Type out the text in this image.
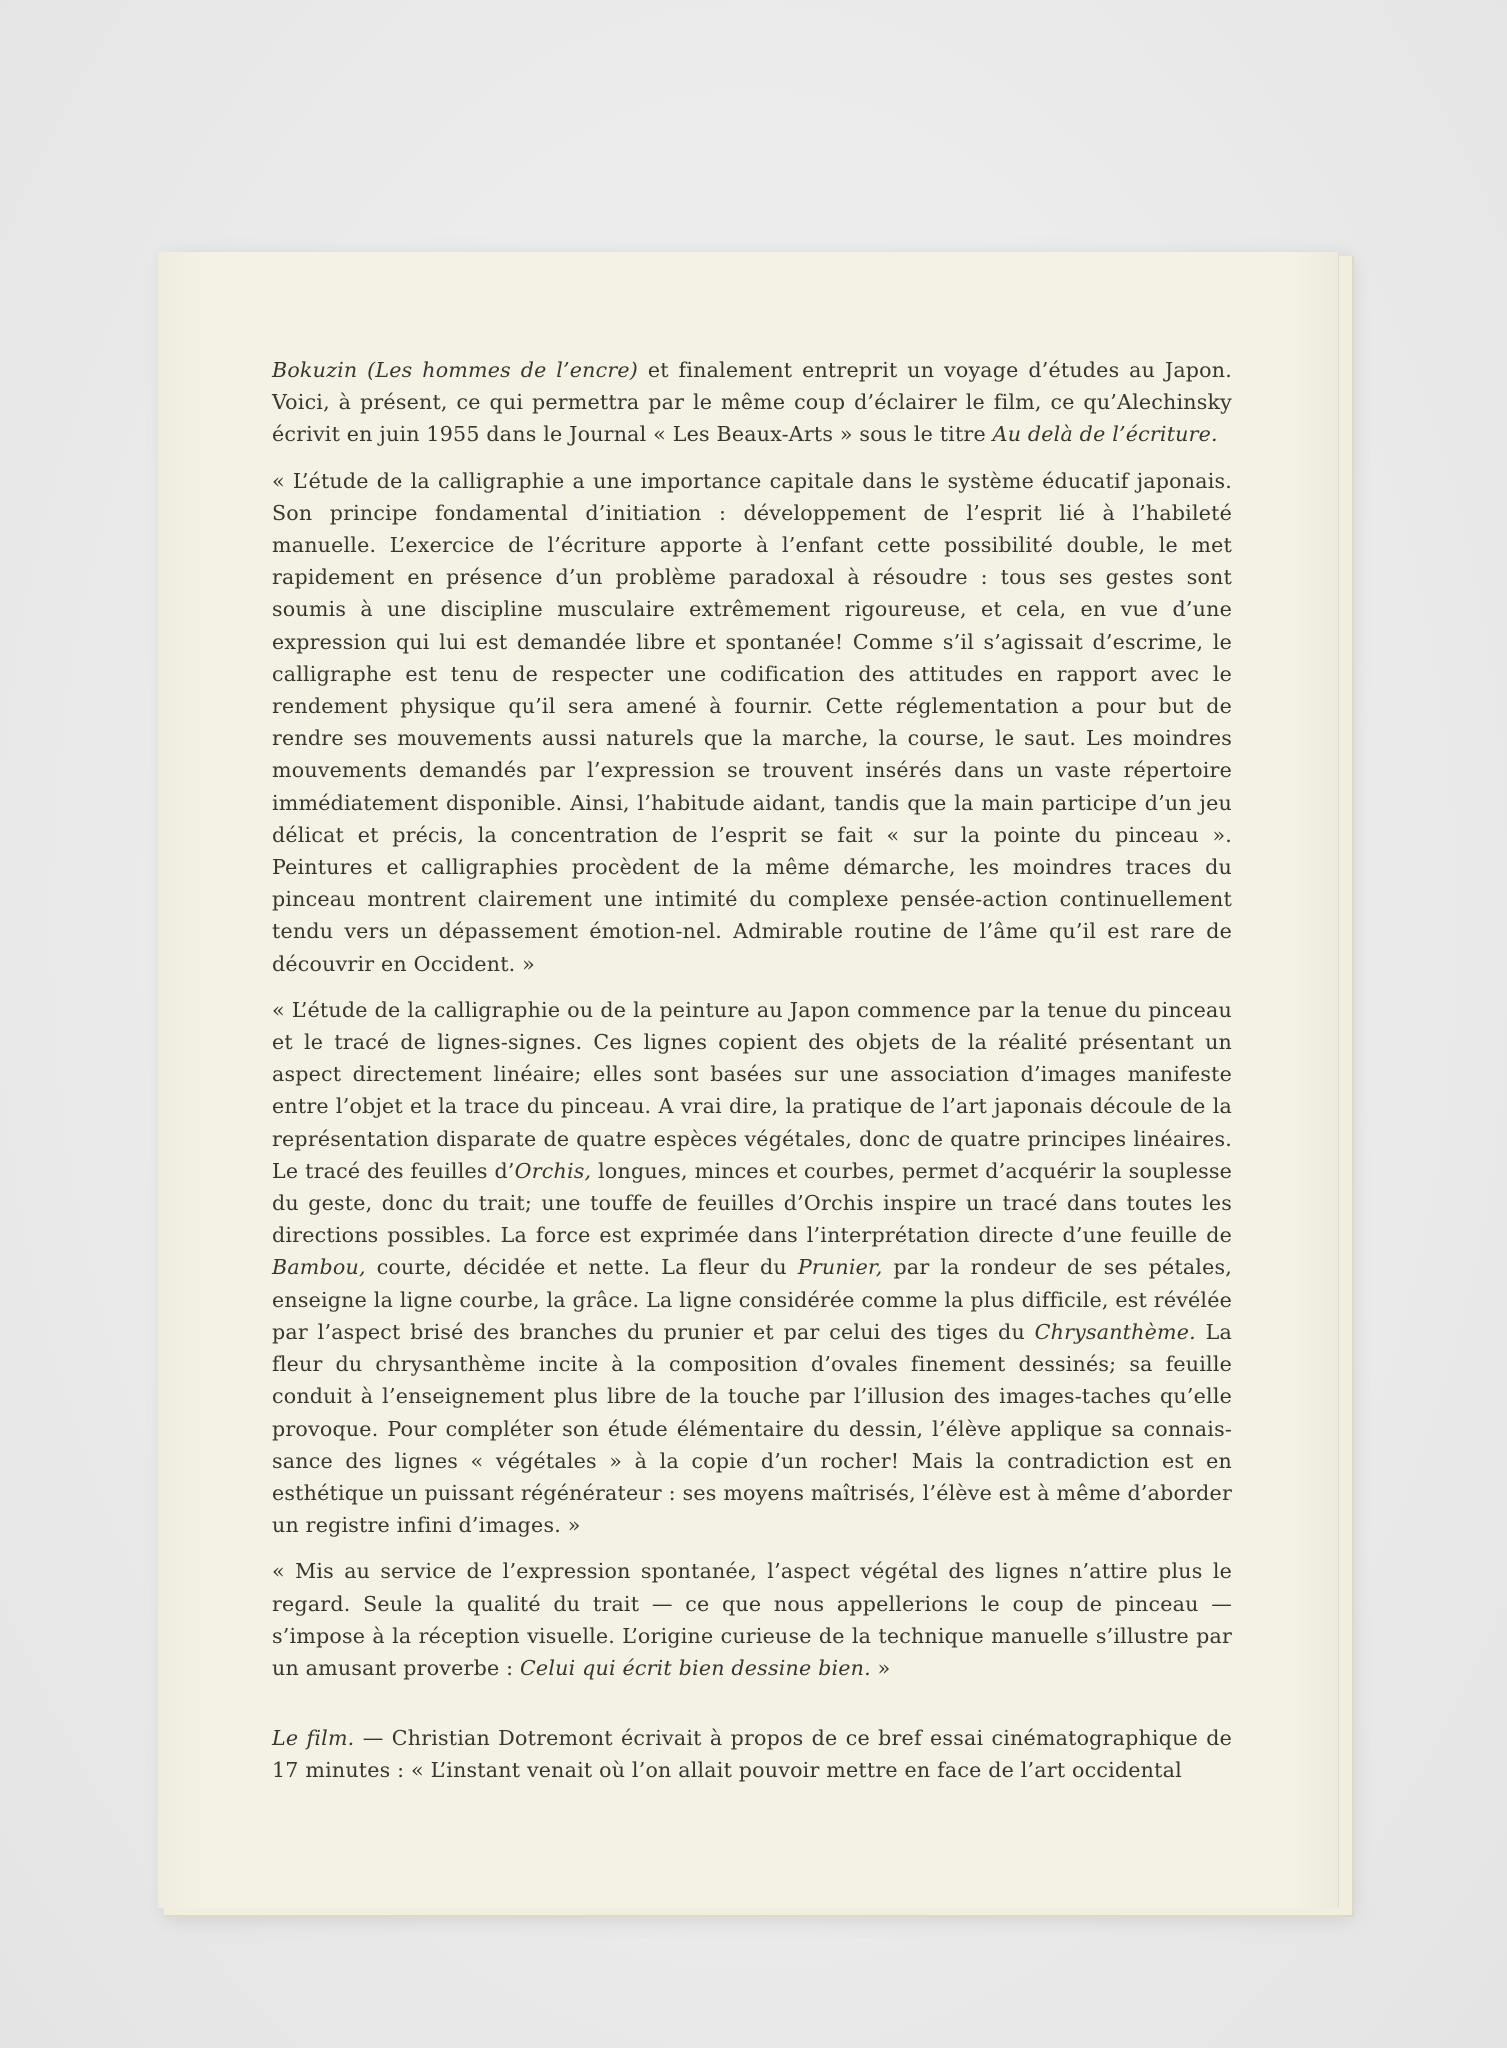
Bokuzin (Les hommes de l’encre) et finalement entreprit un voyage d’études au Japon. Voici, à présent, ce qui permettra par le même coup d’éclairer le film, ce qu’Alechinsky écrivit en juin 1955 dans le Journal « Les Beaux-Arts » sous le titre Au delà de l’écriture.

« L’étude de la calligraphie a une importance capitale dans le système éducatif japonais. Son principe fondamental d’initiation : développement de l’esprit lié à l’habileté manuelle. L’exercice de l’écriture apporte à l’enfant cette possibilité double, le met rapidement en présence d’un problème paradoxal à résoudre : tous ses gestes sont soumis à une discipline musculaire extrêmement rigoureuse, et cela, en vue d’une expression qui lui est demandée libre et spontanée! Comme s’il s’agissait d’escrime, le calligraphe est tenu de respecter une codification des attitudes en rapport avec le rendement physique qu’il sera amené à fournir. Cette réglementation a pour but de rendre ses mouvements aussi naturels que la marche, la course, le saut. Les moindres mouvements demandés par l’expression se trouvent insérés dans un vaste répertoire immédiatement disponible. Ainsi, l’habitude aidant, tandis que la main participe d’un jeu délicat et précis, la concentration de l’esprit se fait « sur la pointe du pinceau ». Peintures et calligraphies procèdent de la même démarche, les moindres traces du pinceau montrent clairement une intimité du complexe pensée-action continuellement tendu vers un dépassement émotion-nel. Admirable routine de l’âme qu’il est rare de découvrir en Occident. »

« L’étude de la calligraphie ou de la peinture au Japon commence par la tenue du pinceau et le tracé de lignes-signes. Ces lignes copient des objets de la réalité présentant un aspect directement linéaire; elles sont basées sur une association d’images manifeste entre l’objet et la trace du pinceau. A vrai dire, la pratique de l’art japonais découle de la représentation disparate de quatre espèces végétales, donc de quatre principes linéaires. Le tracé des feuilles d’Orchis, longues, minces et courbes, permet d’acquérir la souplesse du geste, donc du trait; une touffe de feuilles d’Orchis inspire un tracé dans toutes les directions possibles. La force est exprimée dans l’interprétation directe d’une feuille de Bambou, courte, décidée et nette. La fleur du Prunier, par la rondeur de ses pétales, enseigne la ligne courbe, la grâce. La ligne considérée comme la plus difficile, est révélée par l’aspect brisé des branches du prunier et par celui des tiges du Chrysanthème. La fleur du chrysanthème incite à la composition d’ovales finement dessinés; sa feuille conduit à l’enseignement plus libre de la touche par l’illusion des images-taches qu’elle provoque. Pour compléter son étude élémentaire du dessin, l’élève applique sa connais-sance des lignes « végétales » à la copie d’un rocher! Mais la contradiction est en esthétique un puissant régénérateur : ses moyens maîtrisés, l’élève est à même d’aborder un registre infini d’images. »

« Mis au service de l’expression spontanée, l’aspect végétal des lignes n’attire plus le regard. Seule la qualité du trait — ce que nous appellerions le coup de pinceau — s’impose à la réception visuelle. L’origine curieuse de la technique manuelle s’illustre par un amusant proverbe : Celui qui écrit bien dessine bien. »

Le film. — Christian Dotremont écrivait à propos de ce bref essai cinématographique de 17 minutes : « L’instant venait où l’on allait pouvoir mettre en face de l’art occidental
